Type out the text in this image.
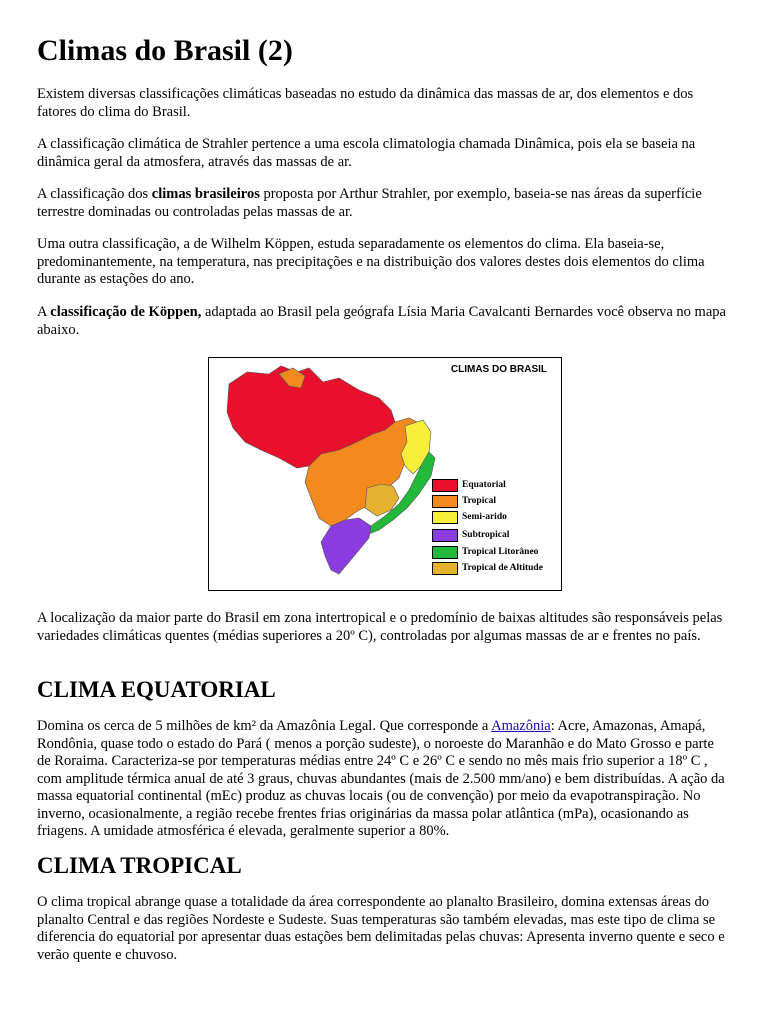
Climas do Brasil (2)

Existem diversas classificações climáticas baseadas no estudo da dinâmica das massas de ar, dos elementos e dos fatores do clima do Brasil.

A classificação climática de Strahler pertence a uma escola climatologia chamada Dinâmica, pois ela se baseia na dinâmica geral da atmosfera, através das massas de ar.

A classificação dos climas brasileiros proposta por Arthur Strahler, por exemplo, baseia-se nas áreas da superfície terrestre dominadas ou controladas pelas massas de ar.

Uma outra classificação, a de Wilhelm Köppen, estuda separadamente os elementos do clima. Ela baseia-se, predominantemente, na temperatura, nas precipitações e na distribuição dos valores destes dois elementos do clima durante as estações do ano.

A classificação de Köppen, adaptada ao Brasil pela geógrafa Lísia Maria Cavalcanti Bernardes você observa no mapa abaixo.

CLIMAS DO BRASIL
Equatorial
Tropical
Semi-arido
Subtropical
Tropical Litorâneo
Tropical de Altitude

A localização da maior parte do Brasil em zona intertropical e o predomínio de baixas altitudes são responsáveis pelas variedades climáticas quentes (médias superiores a 20º C), controladas por algumas massas de ar e frentes no país.

CLIMA EQUATORIAL

Domina os cerca de 5 milhões de km² da Amazônia Legal. Que corresponde a Amazônia: Acre, Amazonas, Amapá, Rondônia, quase todo o estado do Pará ( menos a porção sudeste), o noroeste do Maranhão e do Mato Grosso e parte de Roraima. Caracteriza-se por temperaturas médias entre 24º C e 26º C e sendo no mês mais frio superior a 18º C , com amplitude térmica anual de até 3 graus, chuvas abundantes (mais de 2.500 mm/ano) e bem distribuídas. A ação da massa equatorial continental (mEc) produz as chuvas locais (ou de convenção) por meio da evapotranspiração. No inverno, ocasionalmente, a região recebe frentes frias originárias da massa polar atlântica (mPa), ocasionando as friagens. A umidade atmosférica é elevada, geralmente superior a 80%.

CLIMA TROPICAL

O clima tropical abrange quase a totalidade da área correspondente ao planalto Brasileiro, domina extensas áreas do planalto Central e das regiões Nordeste e Sudeste. Suas temperaturas são também elevadas, mas este tipo de clima se diferencia do equatorial por apresentar duas estações bem delimitadas pelas chuvas: Apresenta inverno quente e seco e verão quente e chuvoso.
